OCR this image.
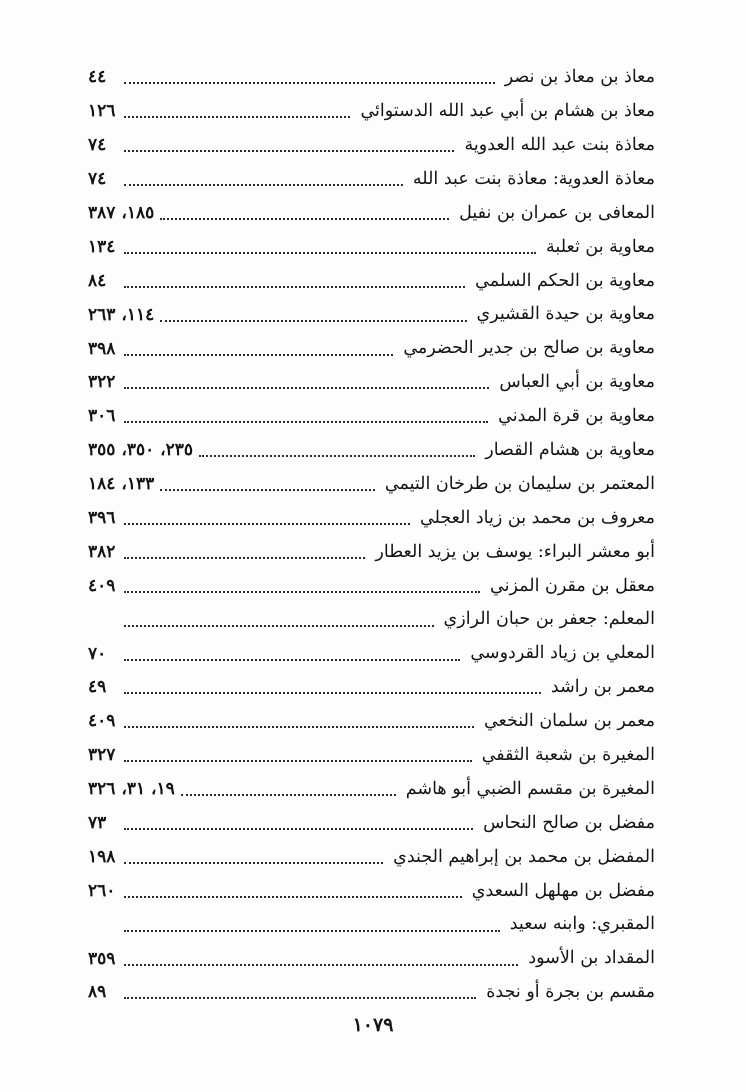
معاذ بن معاذ بن نصر
٤٤
معاذ بن هشام بن أبي عبد الله الدستوائي
١٢٦
معاذة بنت عبد الله العدوية
٧٤
معاذة العدوية: معاذة بنت عبد الله
٧٤
المعافى بن عمران بن نفيل
١٨٥، ٣٨٧
معاوية بن ثعلبة
١٣٤
معاوية بن الحكم السلمي
٨٤
معاوية بن حيدة القشيري
١١٤، ٢٦٣
معاوية بن صالح بن جدير الحضرمي
٣٩٨
معاوية بن أبي العباس
٣٢٢
معاوية بن قرة المدني
٣٠٦
معاوية بن هشام القصار
٢٣٥، ٣٥٠، ٣٥٥
المعتمر بن سليمان بن طرخان التيمي
١٣٣، ١٨٤
معروف بن محمد بن زياد العجلي
٣٩٦
أبو معشر البراء: يوسف بن يزيد العطار
٣٨٢
معقل بن مقرن المزني
٤٠٩
المعلم: جعفر بن حبان الرازي
المعلي بن زياد القردوسي
٧٠
معمر بن راشد
٤٩
معمر بن سلمان النخعي
٤٠٩
المغيرة بن شعبة الثقفي
٣٢٧
المغيرة بن مقسم الضبي أبو هاشم
١٩، ٣١، ٣٢٦
مفضل بن صالح النحاس
٧٣
المفضل بن محمد بن إبراهيم الجندي
١٩٨
مفضل بن مهلهل السعدي
٢٦٠
المقبري: وابنه سعيد
المقداد بن الأسود
٣٥٩
مقسم بن بجرة أو نجدة
٨٩
١٠٧٩
